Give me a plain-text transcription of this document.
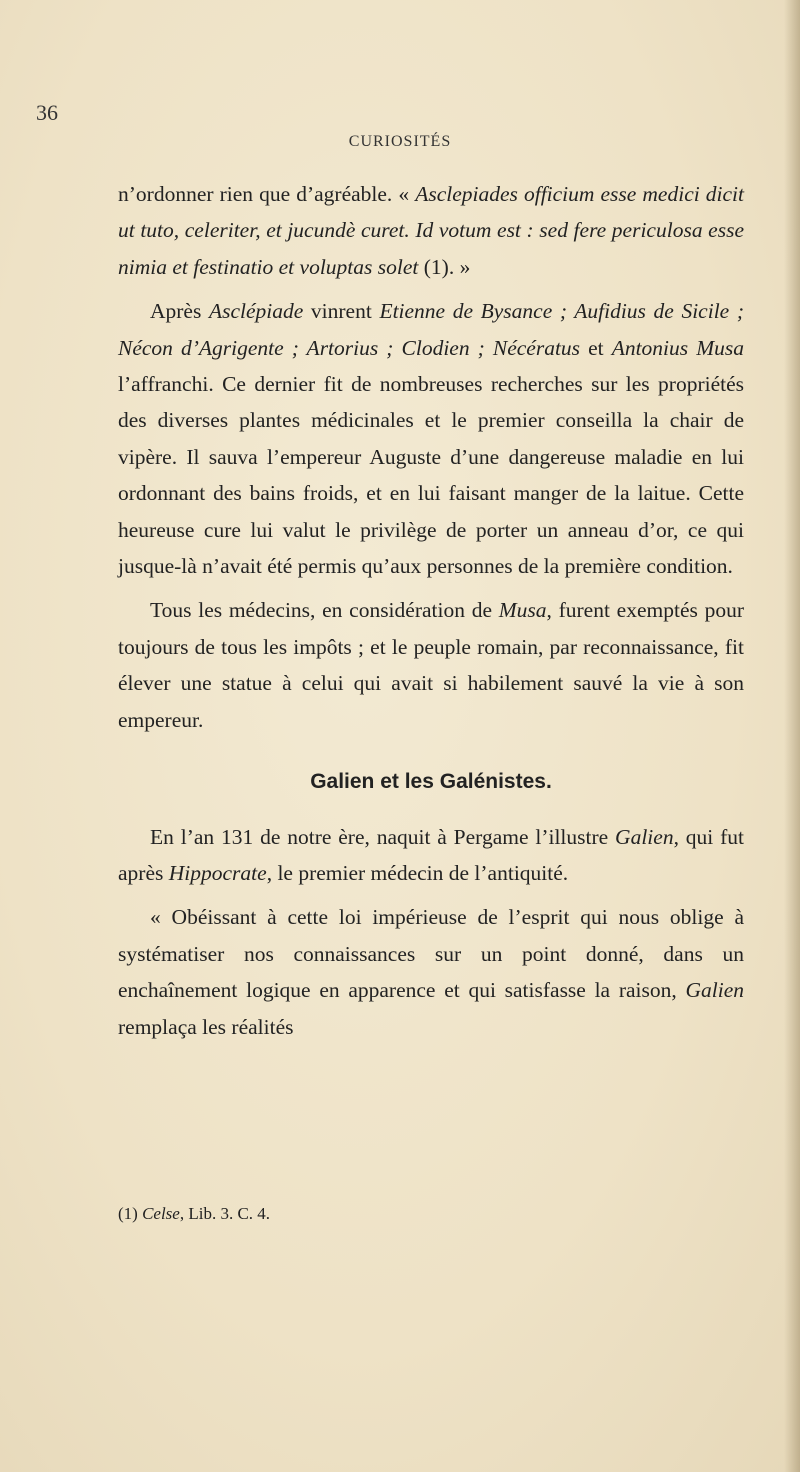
36
CURIOSITÉS

n’ordonner rien que d’agréable. « Asclepiades officium esse medici dicit ut tuto, celeriter, et jucundè curet. Id votum est : sed fere periculosa esse nimia et festinatio et voluptas solet (1). »

Après Asclépiade vinrent Etienne de Bysance ; Aufidius de Sicile ; Nécon d’Agrigente ; Artorius ; Clodien ; Nécératus et Antonius Musa l’affranchi. Ce dernier fit de nombreuses recherches sur les propriétés des diverses plantes médicinales et le premier conseilla la chair de vipère. Il sauva l’empereur Auguste d’une dangereuse maladie en lui ordonnant des bains froids, et en lui faisant manger de la laitue. Cette heureuse cure lui valut le privilège de porter un anneau d’or, ce qui jusque-là n’avait été permis qu’aux personnes de la première condition.

Tous les médecins, en considération de Musa, furent exemptés pour toujours de tous les impôts ; et le peuple romain, par reconnaissance, fit élever une statue à celui qui avait si habilement sauvé la vie à son empereur.

Galien et les Galénistes.

En l’an 131 de notre ère, naquit à Pergame l’illustre Galien, qui fut après Hippocrate, le premier médecin de l’antiquité.

« Obéissant à cette loi impérieuse de l’esprit qui nous oblige à systématiser nos connaissances sur un point donné, dans un enchaînement logique en apparence et qui satisfasse la raison, Galien remplaça les réalités

(1) Celse, Lib. 3. C. 4.
